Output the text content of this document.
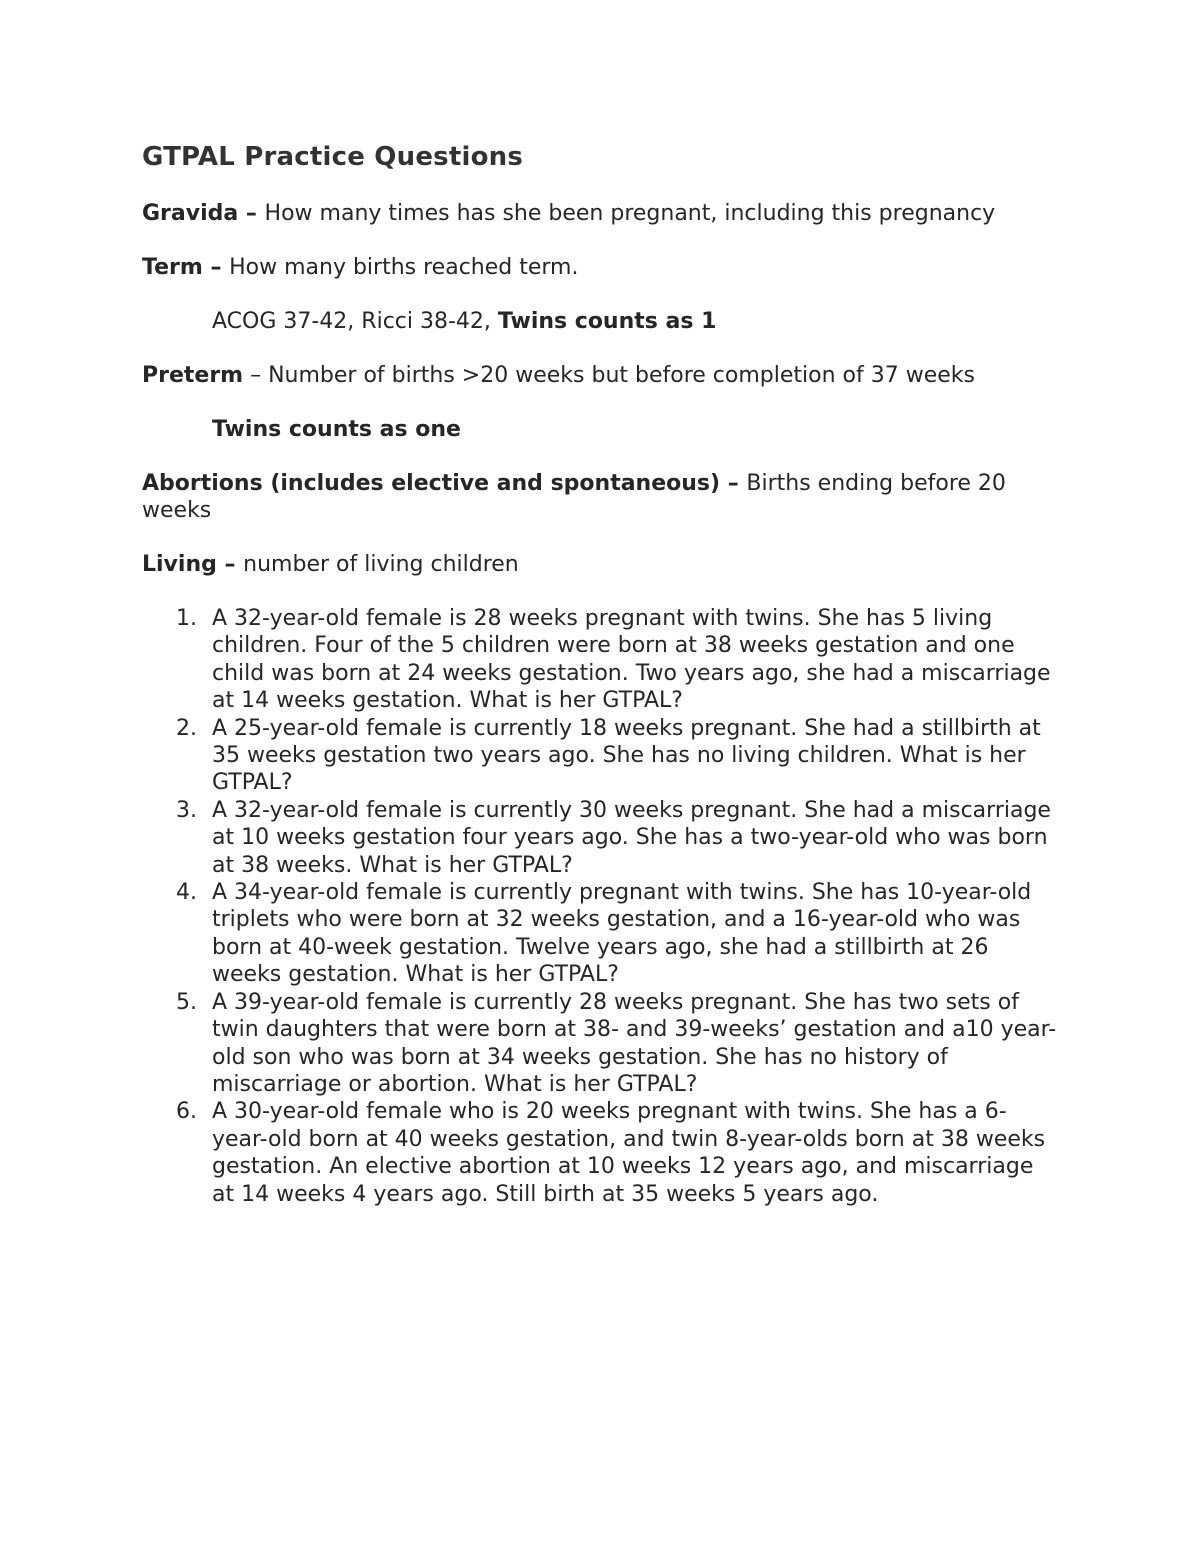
GTPAL Practice Questions

Gravida – How many times has she been pregnant, including this pregnancy

Term – How many births reached term.

ACOG 37-42, Ricci 38-42, Twins counts as 1

Preterm – Number of births >20 weeks but before completion of 37 weeks

Twins counts as one

Abortions (includes elective and spontaneous) – Births ending before 20 weeks

Living – number of living children

1. A 32-year-old female is 28 weeks pregnant with twins. She has 5 living children. Four of the 5 children were born at 38 weeks gestation and one child was born at 24 weeks gestation. Two years ago, she had a miscarriage at 14 weeks gestation. What is her GTPAL?
2. A 25-year-old female is currently 18 weeks pregnant. She had a stillbirth at 35 weeks gestation two years ago. She has no living children. What is her GTPAL?
3. A 32-year-old female is currently 30 weeks pregnant. She had a miscarriage at 10 weeks gestation four years ago. She has a two-year-old who was born at 38 weeks. What is her GTPAL?
4. A 34-year-old female is currently pregnant with twins. She has 10-year-old triplets who were born at 32 weeks gestation, and a 16-year-old who was born at 40-week gestation. Twelve years ago, she had a stillbirth at 26 weeks gestation. What is her GTPAL?
5. A 39-year-old female is currently 28 weeks pregnant. She has two sets of twin daughters that were born at 38- and 39-weeks’ gestation and a10 year-old son who was born at 34 weeks gestation. She has no history of miscarriage or abortion. What is her GTPAL?
6. A 30-year-old female who is 20 weeks pregnant with twins. She has a 6-year-old born at 40 weeks gestation, and twin 8-year-olds born at 38 weeks gestation. An elective abortion at 10 weeks 12 years ago, and miscarriage at 14 weeks 4 years ago. Still birth at 35 weeks 5 years ago.
